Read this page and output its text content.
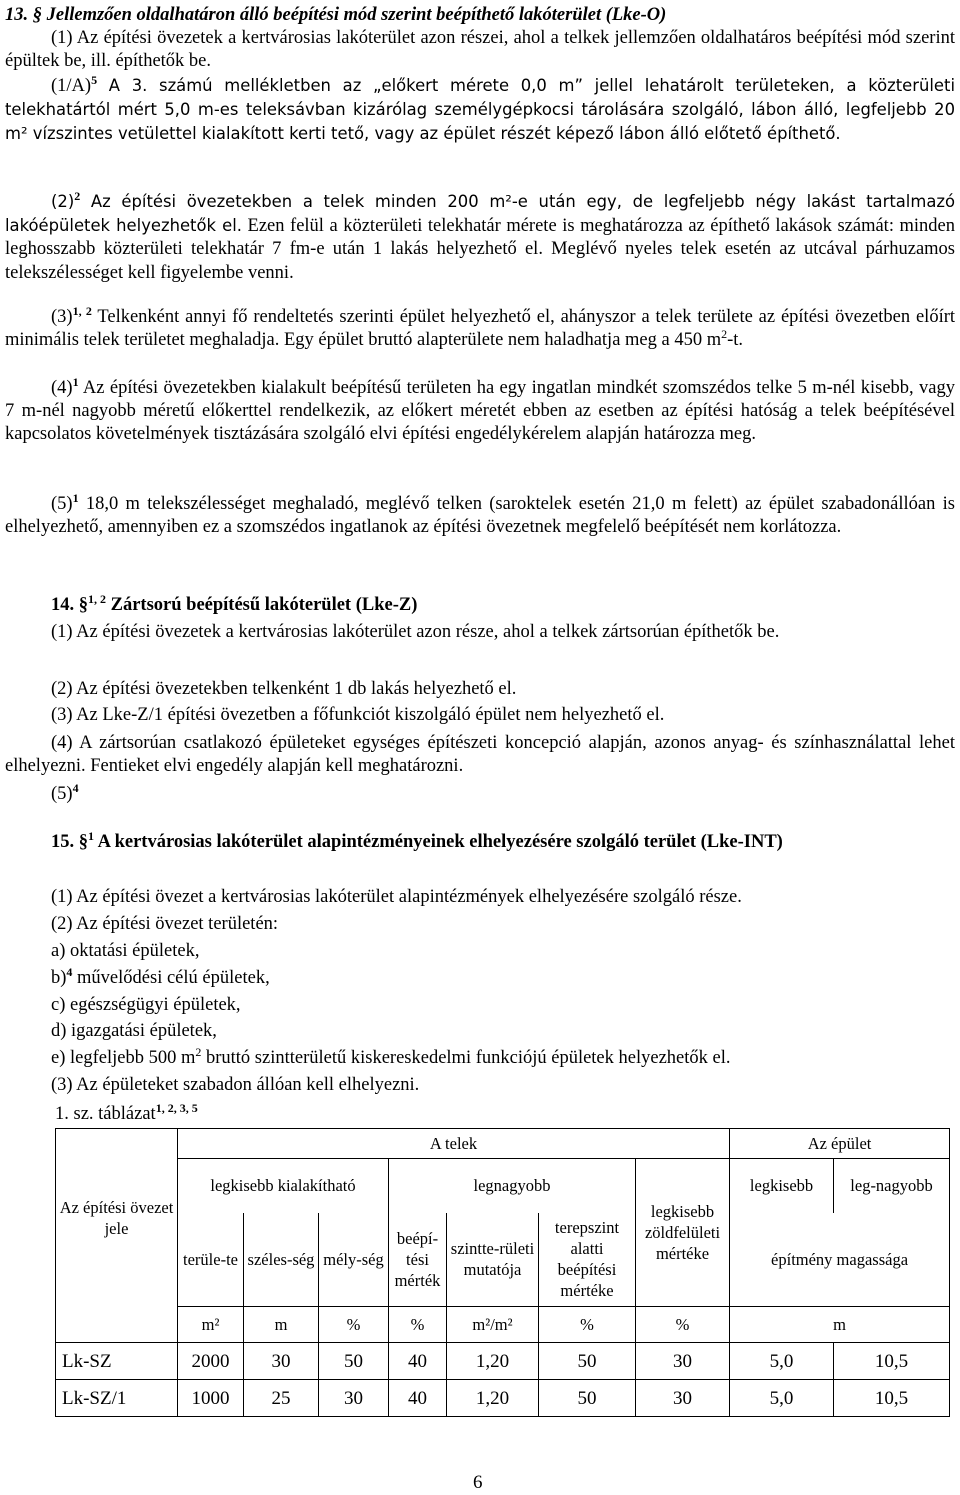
13. § Jellemzően oldalhatáron álló beépítési mód szerint beépíthető lakóterület (Lke-O)
(1) Az építési övezetek a kertvárosias lakóterület azon részei, ahol a telkek jellemzően oldalhatáros beépítési mód szerint épültek be, ill. építhetők be.
$(1/A)^5$ A 3. számú mellékletben az „előkert mérete 0,0 m” jellel lehatárolt területeken, a közterületi telekhatártól mért 5,0 m-es teleksávban kizárólag személygépkocsi tárolására szolgáló, lábon álló, legfeljebb 20 m² vízszintes vetülettel kialakított kerti tető, vagy az épület részét képező lábon álló előtető építhető.
$(2)^2$ Az építési övezetekben a telek minden 200 m²-e után egy, de legfeljebb négy lakást tartalmazó lakóépületek helyezhetők el. Ezen felül a közterületi telekhatár mérete is meghatározza az építhető lakások számát: minden leghosszabb közterületi telekhatár 7 fm-e után 1 lakás helyezhető el. Meglévő nyeles telek esetén az utcával párhuzamos telekszélességet kell figyelembe venni.
$(3)^{1, 2}$ Telkenként annyi fő rendeltetés szerinti épület helyezhető el, ahányszor a telek területe az építési övezetben előírt minimális telek területet meghaladja. Egy épület bruttó alapterülete nem haladhatja meg a 450 $m^2-t$.
$(4)^1$ Az építési övezetekben kialakult beépítésű területen ha egy ingatlan mindkét szomszédos telke 5 m-nél kisebb, vagy 7 m-nél nagyobb méretű előkerttel rendelkezik, az előkert méretét ebben az esetben az építési hatóság a telek beépítésével kapcsolatos követelmények tisztázására szolgáló elvi építési engedélykérelem alapján határozza meg.
$(5)^1$ 18,0 m telekszélességet meghaladó, meglévő telken (saroktelek esetén 21,0 m felett) az épület szabadonállóan is elhelyezhető, amennyiben ez a szomszédos ingatlanok az építési övezetnek megfelelő beépítését nem korlátozza.
14. §$^{1, 2}$ Zártsorú beépítésű lakóterület (Lke-Z)
(1) Az építési övezetek a kertvárosias lakóterület azon része, ahol a telkek zártsorúan építhetők be.
(2) Az építési övezetekben telkenként 1 db lakás helyezhető el.
(3) Az Lke-Z/1 építési övezetben a főfunkciót kiszolgáló épület nem helyezhető el.
(4) A zártsorúan csatlakozó épületeket egységes építészeti koncepció alapján, azonos anyag- és színhasználattal lehet elhelyezni. Fentieket elvi engedély alapján kell meghatározni.
$(5)^4$
15. §$^1$ A kertvárosias lakóterület alapintézményeinek elhelyezésére szolgáló terület (Lke-INT)
(1) Az építési övezet a kertvárosias lakóterület alapintézmények elhelyezésére szolgáló része.
(2) Az építési övezet területén:
a) oktatási épületek,
b)$^4$ művelődési célú épületek,
c) egészségügyi épületek,
d) igazgatási épületek,
e) legfeljebb 500 $m^2$ bruttó szintterületű kiskereskedelmi funkciójú épületek helyezhetők el.
(3) Az épületeket szabadon állóan kell elhelyezni.
1. sz. táblázat$^{1, 2, 3, 5}$
Az építési övezet jele	A telek							Az épület	
	legkisebb kialakítható			legnagyobb			legkisebb zöldfelületi mértéke	legkisebb	leg-nagyobb
	terüle-te	széles-ség	mély-ség	beépí-tési mérték	szintte-rületi mutatója	terepszint alatti beépítési mértéke		építmény magassága	
	m²	m	%	%	m²/m²	%	%	m	
Lk-SZ	2000	30	50	40	1,20	50	30	5,0	10,5
Lk-SZ/1	1000	25	30	40	1,20	50	30	5,0	10,5
6
